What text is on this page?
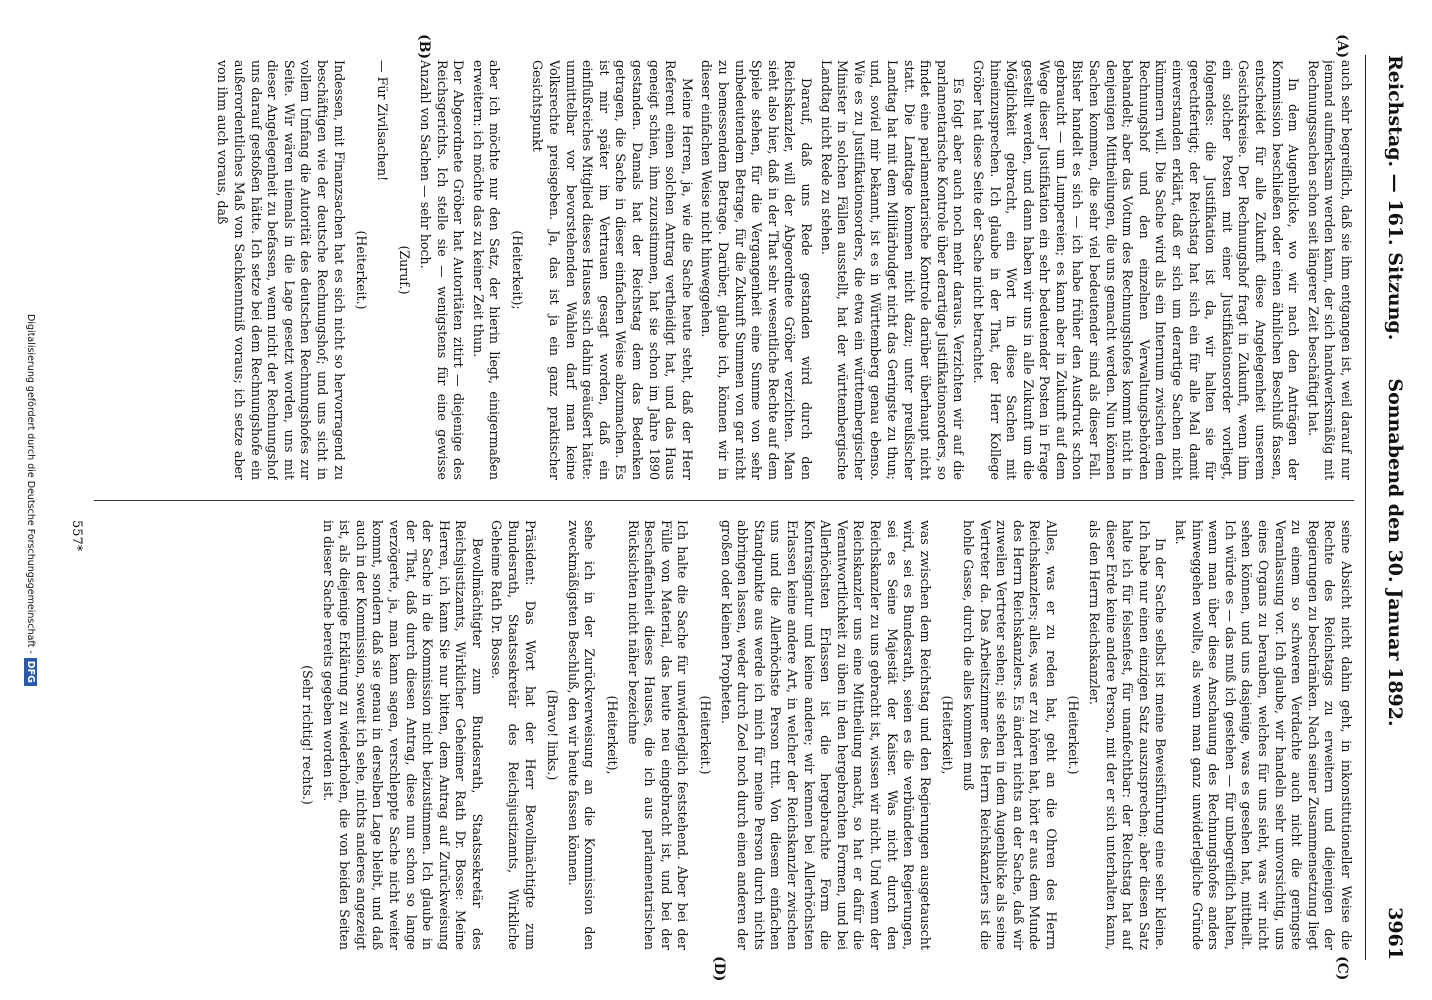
Reichstag. — 161. Sitzung.
Sonnabend den 30. Januar 1892.
3961
(A)
(B)
(C)
(D)

auch sehr begreiflich, daß sie ihm entgangen ist, weil darauf nur jemand aufmerksam werden kann, der sich handwerksmäßig mit Rechnungssachen schon seit längerer Zeit beschäftigt hat.

In dem Augenblicke, wo wir nach den Anträgen der Kommission beschließen oder einen ähnlichen Beschluß fassen, entscheidet für alle Zukunft diese Angelegenheit unserem Gesichtskreise. Der Rechnungshof fragt in Zukunft, wenn ihm ein solcher Posten mit einer Justifikationsorder vorliegt, folgendes: die Justifikation ist da, wir halten sie für gerechtfertigt; der Reichstag hat sich ein für alle Mal damit einverstanden erklärt, daß er sich um derartige Sachen nicht kümmern will. Die Sache wird als ein Internum zwischen dem Rechnungshof und den einzelnen Verwaltungsbehörden behandelt; aber das Votum des Rechnungshofes kommt nicht in denjenigen Mittheilungen, die uns gemacht werden. Nun können Sachen kommen, die sehr viel bedeutender sind als dieser Fall. Bisher handelt es sich — ich habe früher den Ausdruck schon gebraucht — um Lumpereien; es kann aber in Zukunft auf dem Wege dieser Justifikation ein sehr bedeutender Posten in Frage gestellt werden, und dann haben wir uns in alle Zukunft um die Möglichkeit gebracht, ein Wort in diese Sachen mit hineinzusprechen. Ich glaube in der That, der Herr Kollege Gröber hat diese Seite der Sache nicht betrachtet.

Es folgt aber auch noch mehr daraus. Verzichten wir auf die parlamentarische Kontrole über derartige Justifikationsorders, so findet eine parlamentarische Kontrole darüber überhaupt nicht statt. Die Landtage kommen nicht dazu; unter preußischer Landtag hat mit dem Militärbudget nicht das Geringste zu thun; und, soviel mir bekannt, ist es in Württemberg genau ebenso. Wie es zu Justifikationsorders, die etwa ein württembergischer Minister in solchen Fällen ausstellt, hat der württembergische Landtag nicht Rede zu stehen.

Darauf, daß uns Rede gestanden wird durch den Reichskanzler, will der Abgeordnete Gröber verzichten. Man sieht also hier, daß in der That sehr wesentliche Rechte auf dem Spiele stehen, für die Vergangenheit eine Summe von sehr unbedeutendem Betrage, für die Zukunft Summen von gar nicht zu bemessendem Betrage. Darüber, glaube ich, können wir in dieser einfachen Weise nicht hinweggehen.

Meine Herren, ja, wie die Sache heute steht, daß der Herr Referent einen solchen Antrag vertheidigt hat, und das Haus geneigt schien, ihm zuzustimmen, hat sie schon im Jahre 1890 gestanden. Damals hat der Reichstag dem das Bedenken getragen, die Sache in dieser einfachen Weise abzumachen. Es ist mir später im Vertrauen gesagt worden, daß ein einflußreiches Mitglied dieses Hauses sich dahin geäußert hätte: unmittelbar vor bevorstehenden Wahlen darf man keine Volksrechte preisgeben. Ja, das ist ja ein ganz praktischer Gesichtspunkt

(Heiterkeit);

aber ich möchte nur den Satz, der hierin liegt, einigermaßen erweitern: ich möchte das zu keiner Zeit thun.

Der Abgeordnete Gröber hat Autoritäten zitirt — diejenige des Reichsgerichts. Ich stelle sie — wenigstens für eine gewisse Anzahl von Sachen — sehr hoch.

(Zuruf.)

— Für Zivilsachen!

(Heiterkeit.)

Indessen, mit Finanzsachen hat es sich nicht so hervorragend zu beschäftigen wie der deutsche Rechnungshof; und uns sicht in vollem Umfang die Autorität des deutschen Rechnungshofes zur Seite. Wir wären niemals in die Lage gesetzt worden, uns mit dieser Angelegenheit zu befassen, wenn nicht der Rechnungshof uns darauf gestoßen hätte. Ich setze bei dem Rechnungshofe ein außerordentliches Maß von Sachkenntniß voraus; ich setze aber von ihm auch voraus, daß

seine Absicht nicht dahin geht, in inkonstitutioneller Weise die Rechte des Reichstags zu erweitern und diejenigen der Regierungen zu beschränken. Nach seiner Zusammensetzung liegt zu einem so schweren Verdachte auch nicht die geringste Veranlassung vor. Ich glaube, wir handeln sehr unvorsichtig, uns eines Organs zu berauben, welches für uns sieht, was wir nicht sehen können, und uns dasjenige, was es gesehen hat, mittheilt. Ich würde es — das muß ich gestehen — für unbegreiflich halten, wenn man über diese Anschauung des Rechnungshofes anders hinweggehen wollte, als wenn man ganz unwiderlegliche Gründe hat.

In der Sache selbst ist meine Beweisführung eine sehr kleine. Ich habe nur einen einzigen Satz auszusprechen; aber diesen Satz halte ich für felsenfest, für unanfechtbar: der Reichstag hat auf dieser Erde keine andere Person, mit der er sich unterhalten kann, als den Herrn Reichskanzler.

(Heiterkeit.)

Alles, was er zu reden hat, geht an die Ohren des Herrn Reichskanzlers; alles, was er zu hören hat, hört er aus dem Munde des Herrn Reichskanzlers. Es ändert nichts an der Sache, daß wir zuweilen Vertreter sehen; sie stehen in dem Augenblicke als seine Vertreter da. Das Arbeitszimmer des Herrn Reichskanzlers ist die hohle Gasse, durch die alles kommen muß

(Heiterkeit),

was zwischen dem Reichstag und den Regierungen ausgetauscht wird, sei es Bundesrath, seien es die verbündeten Regierungen, sei es Seine Majestät der Kaiser. Was nicht durch den Reichskanzler zu uns gebracht ist, wissen wir nicht. Und wenn der Reichskanzler uns eine Mittheilung macht, so hat er dafür die Verantwortlichkeit zu üben in den hergebrachten Formen, und bei Allerhöchsten Erlassen ist die hergebrachte Form die Kontrasignatur und keine andere; wir kennen bei Allerhöchsten Erlassen keine andere Art, in welcher der Reichskanzler zwischen uns und die Allerhöchste Person tritt. Von diesem einfachen Standpunkte aus werde ich mich für meine Person durch nichts abbringen lassen, weder durch Zoel noch durch einen anderen der großen oder kleinen Propheten.

(Heiterkeit.)

Ich halte die Sache für unwiderleglich feststehend. Aber bei der Fülle von Material, das heute neu eingebracht ist, und bei der Beschaffenheit dieses Hauses, die ich aus parlamentarischen Rücksichten nicht näher bezeichne

(Heiterkeit),

sehe ich in der Zurückverweisung an die Kommission den zweckmäßigsten Beschluß, den wir heute fassen können.

(Bravo! links.)

Präsident: Das Wort hat der Herr Bevollmächtigte zum Bundesrath, Staatssekretär des Reichsjustizamts, Wirkliche Geheime Rath Dr. Bosse.

Bevollmächtigter zum Bundesrath, Staatssekretär des Reichsjustizamts, Wirklicher Geheimer Rath Dr. Bosse: Meine Herren, ich kann Sie nur bitten, dem Antrag auf Zurückweisung der Sache in die Kommission nicht beizustimmen. Ich glaube in der That, daß durch diesen Antrag, diese nun schon so lange verzögerte, ja, man kann sagen, verschleppte Sache nicht weiter kommt, sondern daß sie genau in derselben Lage bleibt, und daß auch in der Kommission, soweit ich sehe, nichts anderes angezeigt ist, als diejenige Erklärung zu wiederholen, die von beiden Seiten in dieser Sache bereits gegeben worden ist.

(Sehr richtig! rechts.)

557*
Digitalisierung gefördert durch die Deutsche Forschungsgemeinschaft -DFG
